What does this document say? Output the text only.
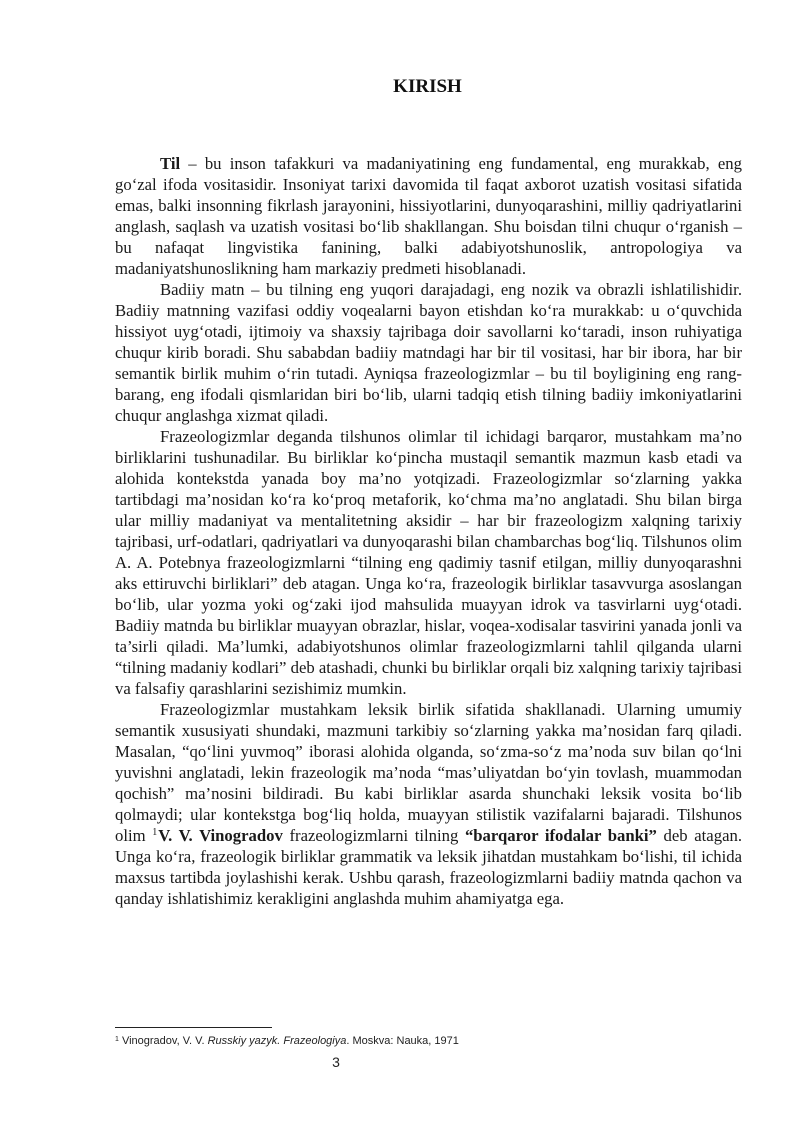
KIRISH

Til – bu inson tafakkuri va madaniyatining eng fundamental, eng murakkab, eng go‘zal ifoda vositasidir. Insoniyat tarixi davomida til faqat axborot uzatish vositasi sifatida emas, balki insonning fikrlash jarayonini, hissiyotlarini, dunyoqarashini, milliy qadriyatlarini anglash, saqlash va uzatish vositasi bo‘lib shakllangan. Shu boisdan tilni chuqur o‘rganish – bu nafaqat lingvistika fanining, balki adabiyotshunoslik, antropologiya va madaniyatshunoslikning ham markaziy predmeti hisoblanadi.

Badiiy matn – bu tilning eng yuqori darajadagi, eng nozik va obrazli ishlatilishidir. Badiiy matnning vazifasi oddiy voqealarni bayon etishdan ko‘ra murakkab: u o‘quvchida hissiyot uyg‘otadi, ijtimoiy va shaxsiy tajribaga doir savollarni ko‘taradi, inson ruhiyatiga chuqur kirib boradi. Shu sababdan badiiy matndagi har bir til vositasi, har bir ibora, har bir semantik birlik muhim o‘rin tutadi. Ayniqsa frazeologizmlar – bu til boyligining eng rang-barang, eng ifodali qismlaridan biri bo‘lib, ularni tadqiq etish tilning badiiy imkoniyatlarini chuqur anglashga xizmat qiladi.

Frazeologizmlar deganda tilshunos olimlar til ichidagi barqaror, mustahkam ma’no birliklarini tushunadilar. Bu birliklar ko‘pincha mustaqil semantik mazmun kasb etadi va alohida kontekstda yanada boy ma’no yotqizadi. Frazeologizmlar so‘zlarning yakka tartibdagi ma’nosidan ko‘ra ko‘proq metaforik, ko‘chma ma’no anglatadi. Shu bilan birga ular milliy madaniyat va mentalitetning aksidir – har bir frazeologizm xalqning tarixiy tajribasi, urf-odatlari, qadriyatlari va dunyoqarashi bilan chambarchas bog‘liq. Tilshunos olim A. A. Potebnya frazeologizmlarni “tilning eng qadimiy tasnif etilgan, milliy dunyoqarashni aks ettiruvchi birliklari” deb atagan. Unga ko‘ra, frazeologik birliklar tasavvurga asoslangan bo‘lib, ular yozma yoki og‘zaki ijod mahsulida muayyan idrok va tasvirlarni uyg‘otadi. Badiiy matnda bu birliklar muayyan obrazlar, hislar, voqea-xodisalar tasvirini yanada jonli va ta’sirli qiladi. Ma’lumki, adabiyotshunos olimlar frazeologizmlarni tahlil qilganda ularni “tilning madaniy kodlari” deb atashadi, chunki bu birliklar orqali biz xalqning tarixiy tajribasi va falsafiy qarashlarini sezishimiz mumkin.

Frazeologizmlar mustahkam leksik birlik sifatida shakllanadi. Ularning umumiy semantik xususiyati shundaki, mazmuni tarkibiy so‘zlarning yakka ma’nosidan farq qiladi. Masalan, “qo‘lini yuvmoq” iborasi alohida olganda, so‘zma-so‘z ma’noda suv bilan qo‘lni yuvishni anglatadi, lekin frazeologik ma’noda “mas’uliyatdan bo‘yin tovlash, muammodan qochish” ma’nosini bildiradi. Bu kabi birliklar asarda shunchaki leksik vosita bo‘lib qolmaydi; ular kontekstga bog‘liq holda, muayyan stilistik vazifalarni bajaradi. Tilshunos olim $^1$V. V. Vinogradov frazeologizmlarni tilning “barqaror ifodalar banki” deb atagan. Unga ko‘ra, frazeologik birliklar grammatik va leksik jihatdan mustahkam bo‘lishi, til ichida maxsus tartibda joylashishi kerak. Ushbu qarash, frazeologizmlarni badiiy matnda qachon va qanday ishlatishimiz kerakligini anglashda muhim ahamiyatga ega.

$^1$ Vinogradov, V. V. Russkiy yazyk. Frazeologiya. Moskva: Nauka, 1971
3
